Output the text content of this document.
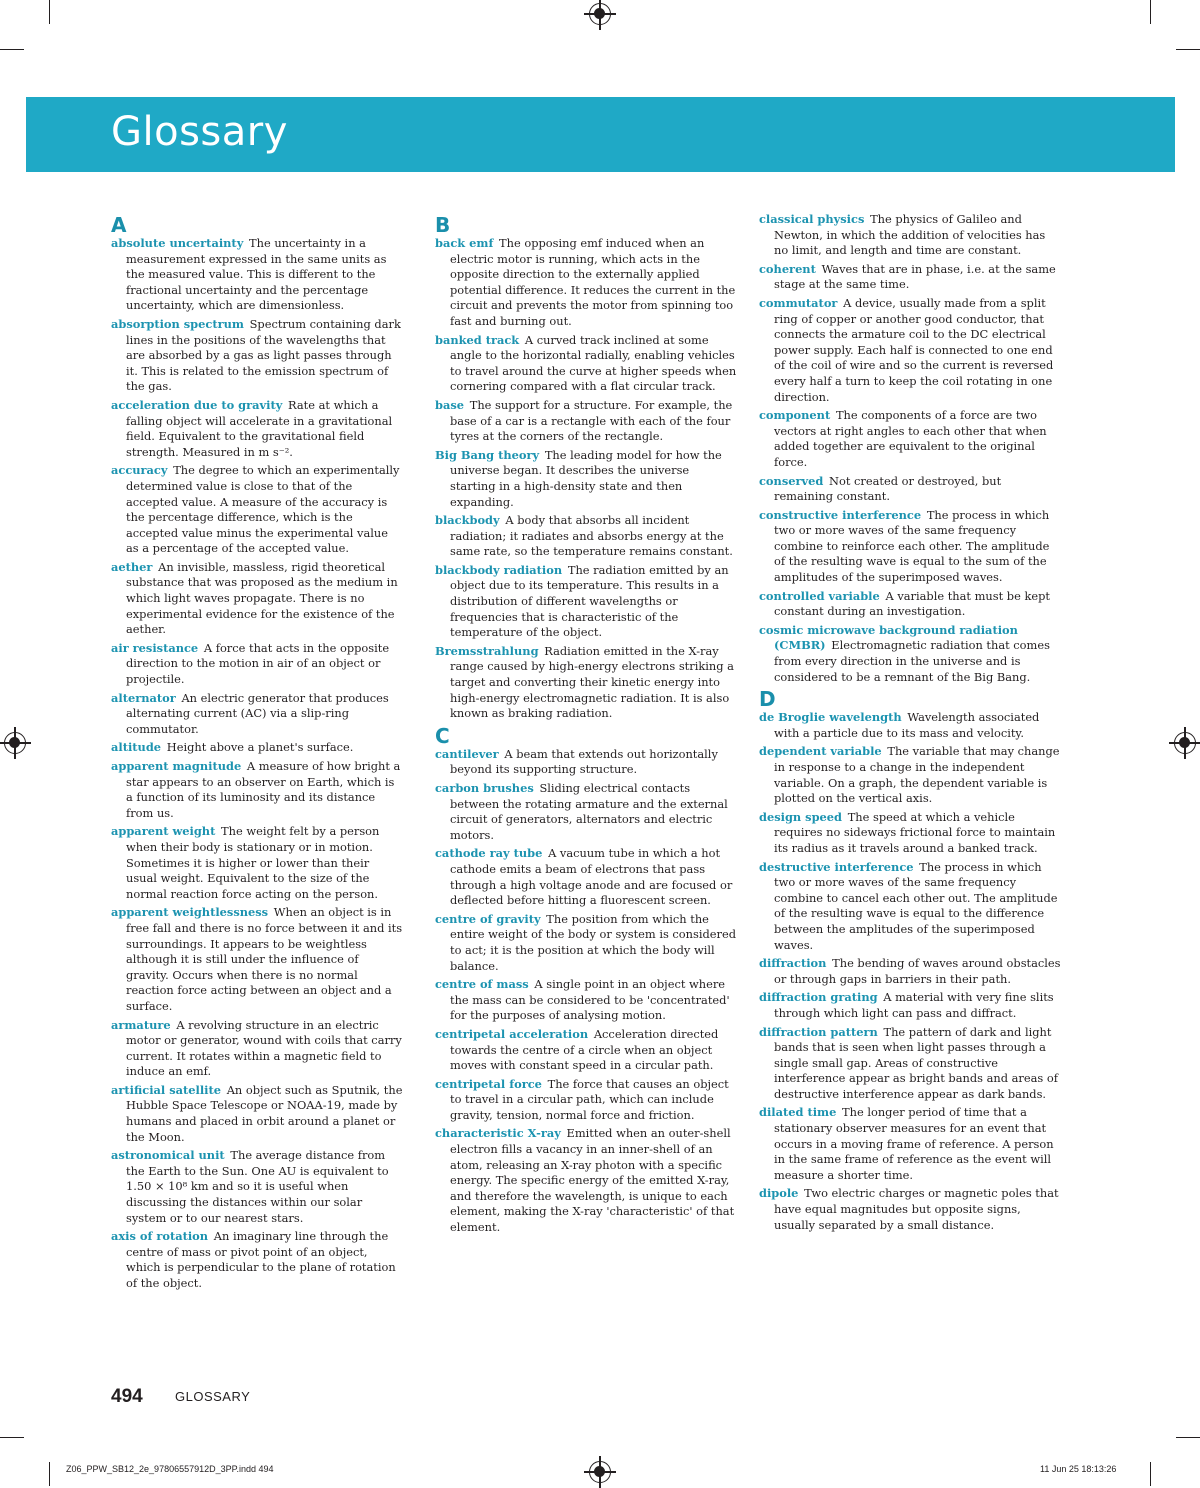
Glossary
A
absolute uncertainty  The uncertainty in a measurement expressed in the same units as the measured value. This is different to the fractional uncertainty and the percentage uncertainty, which are dimensionless.
absorption spectrum  Spectrum containing dark lines in the positions of the wavelengths that are absorbed by a gas as light passes through it. This is related to the emission spectrum of the gas.
acceleration due to gravity  Rate at which a falling object will accelerate in a gravitational field. Equivalent to the gravitational field strength. Measured in m s⁻².
accuracy  The degree to which an experimentally determined value is close to that of the accepted value. A measure of the accuracy is the percentage difference, which is the accepted value minus the experimental value as a percentage of the accepted value.
aether  An invisible, massless, rigid theoretical substance that was proposed as the medium in which light waves propagate. There is no experimental evidence for the existence of the aether.
air resistance  A force that acts in the opposite direction to the motion in air of an object or projectile.
alternator  An electric generator that produces alternating current (AC) via a slip-ring commutator.
altitude  Height above a planet's surface.
apparent magnitude  A measure of how bright a star appears to an observer on Earth, which is a function of its luminosity and its distance from us.
apparent weight  The weight felt by a person when their body is stationary or in motion. Sometimes it is higher or lower than their usual weight. Equivalent to the size of the normal reaction force acting on the person.
apparent weightlessness  When an object is in free fall and there is no force between it and its surroundings. It appears to be weightless although it is still under the influence of gravity. Occurs when there is no normal reaction force acting between an object and a surface.
armature  A revolving structure in an electric motor or generator, wound with coils that carry current. It rotates within a magnetic field to induce an emf.
artificial satellite  An object such as Sputnik, the Hubble Space Telescope or NOAA-19, made by humans and placed in orbit around a planet or the Moon.
astronomical unit  The average distance from the Earth to the Sun. One AU is equivalent to 1.50 × 10⁸ km and so it is useful when discussing the distances within our solar system or to our nearest stars.
axis of rotation  An imaginary line through the centre of mass or pivot point of an object, which is perpendicular to the plane of rotation of the object.
B
back emf  The opposing emf induced when an electric motor is running, which acts in the opposite direction to the externally applied potential difference. It reduces the current in the circuit and prevents the motor from spinning too fast and burning out.
banked track  A curved track inclined at some angle to the horizontal radially, enabling vehicles to travel around the curve at higher speeds when cornering compared with a flat circular track.
base  The support for a structure. For example, the base of a car is a rectangle with each of the four tyres at the corners of the rectangle.
Big Bang theory  The leading model for how the universe began. It describes the universe starting in a high-density state and then expanding.
blackbody  A body that absorbs all incident radiation; it radiates and absorbs energy at the same rate, so the temperature remains constant.
blackbody radiation  The radiation emitted by an object due to its temperature. This results in a distribution of different wavelengths or frequencies that is characteristic of the temperature of the object.
Bremsstrahlung  Radiation emitted in the X-ray range caused by high-energy electrons striking a target and converting their kinetic energy into high-energy electromagnetic radiation. It is also known as braking radiation.
C
cantilever  A beam that extends out horizontally beyond its supporting structure.
carbon brushes  Sliding electrical contacts between the rotating armature and the external circuit of generators, alternators and electric motors.
cathode ray tube  A vacuum tube in which a hot cathode emits a beam of electrons that pass through a high voltage anode and are focused or deflected before hitting a fluorescent screen.
centre of gravity  The position from which the entire weight of the body or system is considered to act; it is the position at which the body will balance.
centre of mass  A single point in an object where the mass can be considered to be 'concentrated' for the purposes of analysing motion.
centripetal acceleration  Acceleration directed towards the centre of a circle when an object moves with constant speed in a circular path.
centripetal force  The force that causes an object to travel in a circular path, which can include gravity, tension, normal force and friction.
characteristic X-ray  Emitted when an outer-shell electron fills a vacancy in an inner-shell of an atom, releasing an X-ray photon with a specific energy. The specific energy of the emitted X-ray, and therefore the wavelength, is unique to each element, making the X-ray 'characteristic' of that element.
classical physics  The physics of Galileo and Newton, in which the addition of velocities has no limit, and length and time are constant.
coherent  Waves that are in phase, i.e. at the same stage at the same time.
commutator  A device, usually made from a split ring of copper or another good conductor, that connects the armature coil to the DC electrical power supply. Each half is connected to one end of the coil of wire and so the current is reversed every half a turn to keep the coil rotating in one direction.
component  The components of a force are two vectors at right angles to each other that when added together are equivalent to the original force.
conserved  Not created or destroyed, but remaining constant.
constructive interference  The process in which two or more waves of the same frequency combine to reinforce each other. The amplitude of the resulting wave is equal to the sum of the amplitudes of the superimposed waves.
controlled variable  A variable that must be kept constant during an investigation.
cosmic microwave background radiation (CMBR)  Electromagnetic radiation that comes from every direction in the universe and is considered to be a remnant of the Big Bang.
D
de Broglie wavelength  Wavelength associated with a particle due to its mass and velocity.
dependent variable  The variable that may change in response to a change in the independent variable. On a graph, the dependent variable is plotted on the vertical axis.
design speed  The speed at which a vehicle requires no sideways frictional force to maintain its radius as it travels around a banked track.
destructive interference  The process in which two or more waves of the same frequency combine to cancel each other out. The amplitude of the resulting wave is equal to the difference between the amplitudes of the superimposed waves.
diffraction  The bending of waves around obstacles or through gaps in barriers in their path.
diffraction grating  A material with very fine slits through which light can pass and diffract.
diffraction pattern  The pattern of dark and light bands that is seen when light passes through a single small gap. Areas of constructive interference appear as bright bands and areas of destructive interference appear as dark bands.
dilated time  The longer period of time that a stationary observer measures for an event that occurs in a moving frame of reference. A person in the same frame of reference as the event will measure a shorter time.
dipole  Two electric charges or magnetic poles that have equal magnitudes but opposite signs, usually separated by a small distance.
494 GLOSSARY
Z06_PPW_SB12_2e_97806557912D_3PP.indd 494	11 Jun 25 18:13:26
